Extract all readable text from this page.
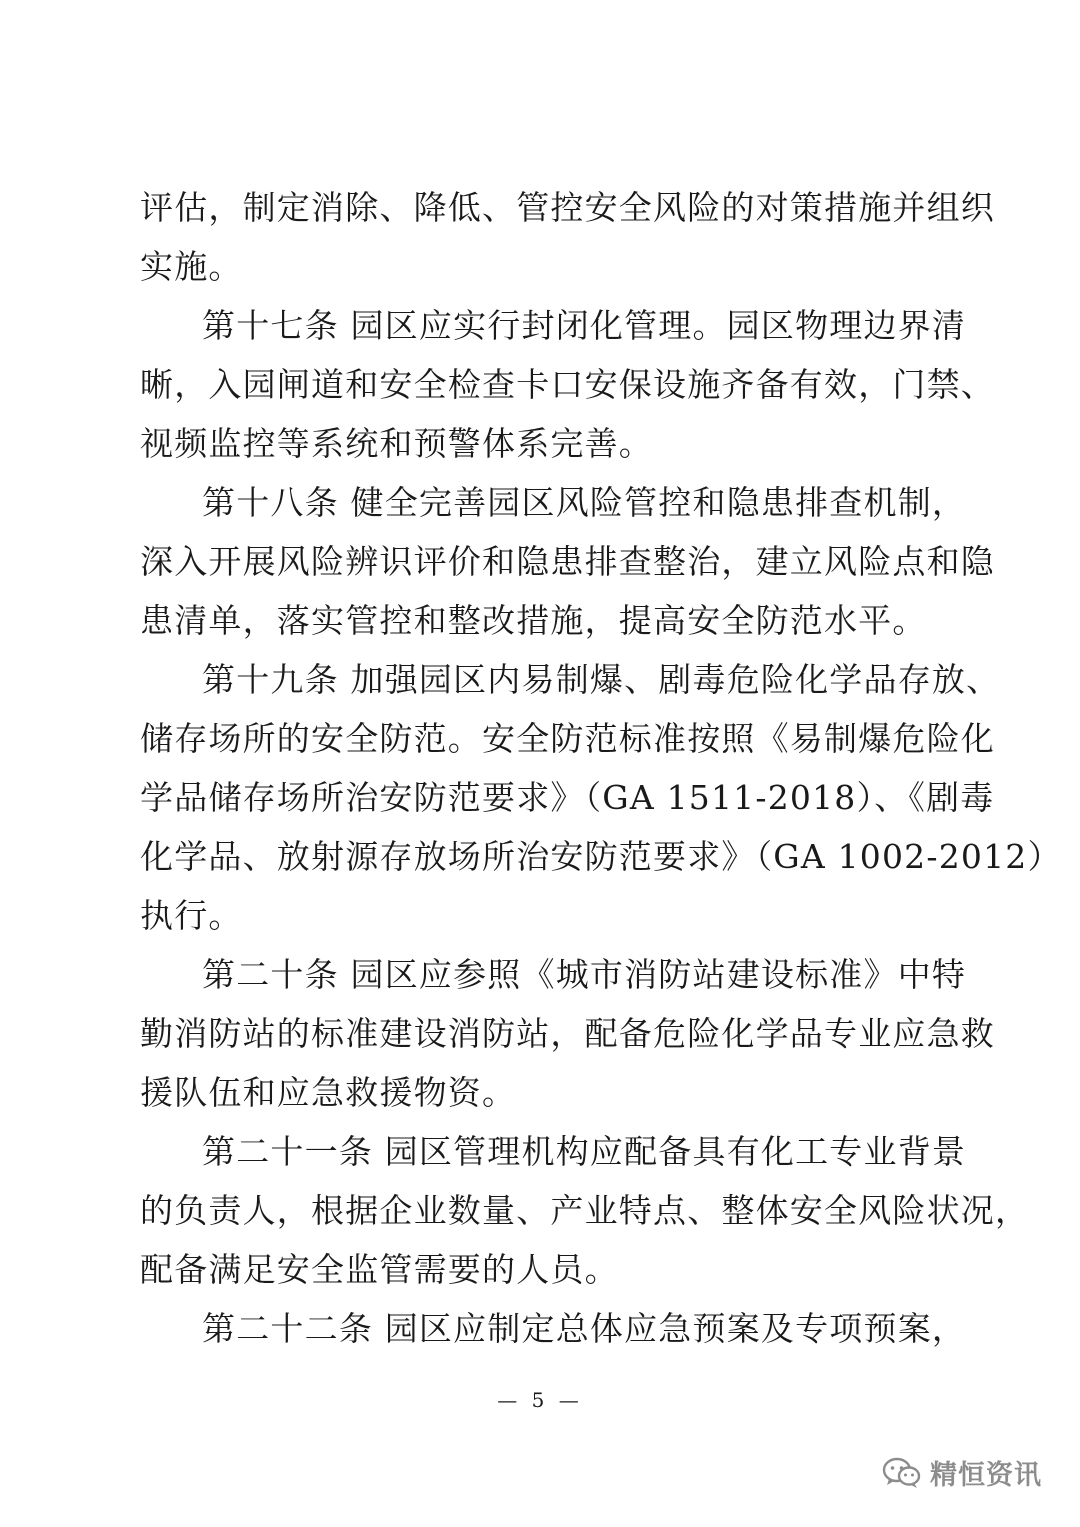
评估，制定消除、降低、管控安全风险的对策措施并组织
实施。
第十七条 园区应实行封闭化管理。园区物理边界清
晰，入园闸道和安全检查卡口安保设施齐备有效，门禁、
视频监控等系统和预警体系完善。
第十八条 健全完善园区风险管控和隐患排查机制，
深入开展风险辨识评价和隐患排查整治，建立风险点和隐
患清单，落实管控和整改措施，提高安全防范水平。
第十九条 加强园区内易制爆、剧毒危险化学品存放、
储存场所的安全防范。安全防范标准按照《易制爆危险化
学品储存场所治安防范要求》（GA 1511-2018）、《剧毒
化学品、放射源存放场所治安防范要求》（GA 1002-2012）
执行。
第二十条 园区应参照《城市消防站建设标准》中特
勤消防站的标准建设消防站，配备危险化学品专业应急救
援队伍和应急救援物资。
第二十一条 园区管理机构应配备具有化工专业背景
的负责人，根据企业数量、产业特点、整体安全风险状况，
配备满足安全监管需要的人员。
第二十二条 园区应制定总体应急预案及专项预案，
— 5 —
精恒资讯
